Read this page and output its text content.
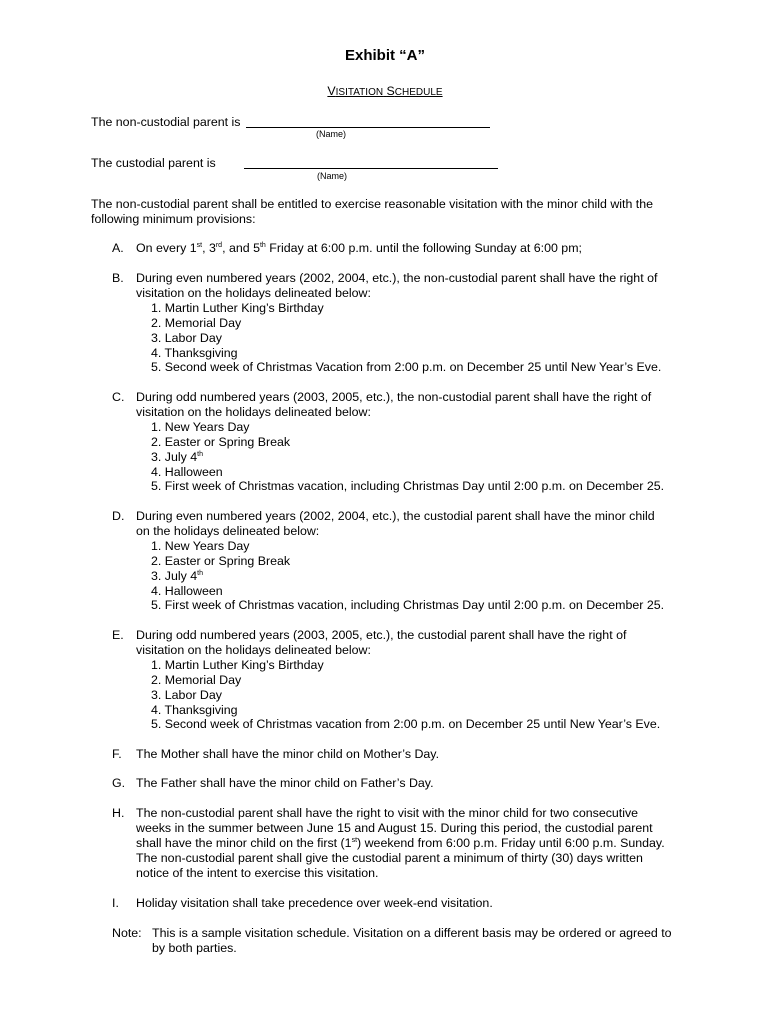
Exhibit “A”
VISITATION SCHEDULE
The non-custodial parent is
(Name)
The custodial parent is
(Name)
The non-custodial parent shall be entitled to exercise reasonable visitation with the minor child with the
following minimum provisions:
A. On every 1st, 3rd, and 5th Friday at 6:00 p.m. until the following Sunday at 6:00 pm;
B. During even numbered years (2002, 2004, etc.), the non-custodial parent shall have the right of
visitation on the holidays delineated below:
1. Martin Luther King’s Birthday
2. Memorial Day
3. Labor Day
4. Thanksgiving
5. Second week of Christmas Vacation from 2:00 p.m. on December 25 until New Year’s Eve.
C. During odd numbered years (2003, 2005, etc.), the non-custodial parent shall have the right of
visitation on the holidays delineated below:
1. New Years Day
2. Easter or Spring Break
3. July 4th
4. Halloween
5. First week of Christmas vacation, including Christmas Day until 2:00 p.m. on December 25.
D. During even numbered years (2002, 2004, etc.), the custodial parent shall have the minor child
on the holidays delineated below:
1. New Years Day
2. Easter or Spring Break
3. July 4th
4. Halloween
5. First week of Christmas vacation, including Christmas Day until 2:00 p.m. on December 25.
E. During odd numbered years (2003, 2005, etc.), the custodial parent shall have the right of
visitation on the holidays delineated below:
1. Martin Luther King’s Birthday
2. Memorial Day
3. Labor Day
4. Thanksgiving
5. Second week of Christmas vacation from 2:00 p.m. on December 25 until New Year’s Eve.
F. The Mother shall have the minor child on Mother’s Day.
G. The Father shall have the minor child on Father’s Day.
H. The non-custodial parent shall have the right to visit with the minor child for two consecutive
weeks in the summer between June 15 and August 15. During this period, the custodial parent
shall have the minor child on the first (1st) weekend from 6:00 p.m. Friday until 6:00 p.m. Sunday.
The non-custodial parent shall give the custodial parent a minimum of thirty (30) days written
notice of the intent to exercise this visitation.
I. Holiday visitation shall take precedence over week-end visitation.
Note: This is a sample visitation schedule. Visitation on a different basis may be ordered or agreed to
by both parties.
